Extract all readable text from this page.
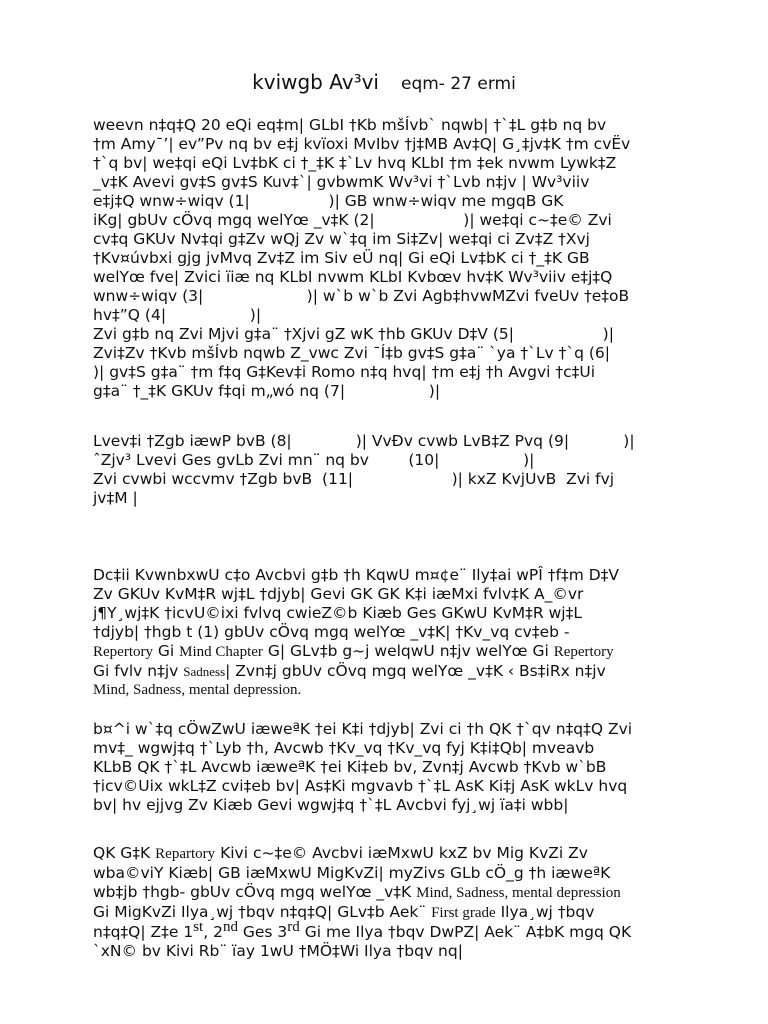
kviwgb Av³vi eqm- 27 ermi

weevn n‡q‡Q 20 eQi eq‡m| GLbI †Kb mšÍvb` nqwb| †`‡L g‡b nq bv

†m Amy¯’| ev”Pv nq bv e‡j kvïoxi MvIbv †j‡MB Av‡Q| G¸‡jv‡K †m cvËv

†`q bv| we‡qi eQi Lv‡bK ci †_‡K ‡`Lv hvq KLbI †m ‡ek nvwm Lywk‡Z

_v‡K Avevi gv‡S gv‡S Kuv‡`| gvbwmK Wv³vi †`Lvb n‡jv | Wv³viiv

e‡j‡Q wnw÷wiqv (1|                )| GB wnw÷wiqv me mgqB GK

iKg| gbUv cÖvq mgq welYœ _v‡K (2|                  )| we‡qi c~‡e© Zvi

cv‡q GKUv Nv‡qi g‡Zv wQj Zv w`‡q im Si‡Zv| we‡qi ci Zv‡Z †Xvj

†Kv¤úvbxi gjg jvMvq Zv‡Z im Siv eÜ nq| Gi eQi Lv‡bK ci †_‡K GB

welYœ fve| Zvici ïiæ nq KLbI nvwm KLbI Kvbœv hv‡K Wv³viiv e‡j‡Q

wnw÷wiqv (3|                     )| w`b w`b Zvi Agb‡hvwMZvi fveUv †e‡oB

hv‡”Q (4|                 )|

Zvi g‡b nq Zvi Mjvi g‡a¨ †Xjvi gZ wK †hb GKUv D‡V (5|                  )|

Zvi‡Zv †Kvb mšÍvb nqwb Z_vwc Zvi ¯Í‡b gv‡S g‡a¨ `ya †`Lv †`q (6|

)| gv‡S g‡a¨ †m f‡q G‡Kev‡i Romo n‡q hvq| †m e‡j †h Avgvi †c‡Ui

g‡a¨ †_‡K GKUv f‡qi m„wó nq (7|                 )|

Lvev‡i †Zgb iæwP bvB (8|             )| VvÐv cvwb LvB‡Z Pvq (9|           )|

ˆZjv³ Lvevi Ges gvLb Zvi mn¨ nq bv        (10|                 )|

Zvi cvwbi wccvmv †Zgb bvB  (11|                    )| kxZ KvjUvB  Zvi fvj

jv‡M |

Dc‡ii KvwnbxwU c‡o Avcbvi g‡b †h KqwU m¤¢e¨ Ily‡ai wPÎ †f‡m D‡V

Zv GKUv KvM‡R wj‡L †djyb| Gevi GK GK K‡i iæMxi fvlv‡K A_©vr

j¶Y¸wj‡K †icvU©ixi fvlvq cwieZ©b Kiæb Ges GKwU KvM‡R wj‡L

†djyb| †hgb t (1) gbUv cÖvq mgq welYœ _v‡K| †Kv_vq cv‡eb -

Repertory Gi Mind Chapter G| GLv‡b g~j welqwU n‡jv welYœ Gi Repertory

Gi fvlv n‡jv Sadness| Zvn‡j gbUv cÖvq mgq welYœ _v‡K ‹ Bs‡iRx n‡jv

Mind, Sadness, mental depression.

b¤^i w`‡q cÖwZwU iæweªK †ei K‡i †djyb| Zvi ci †h QK †`qv n‡q‡Q Zvi

mv‡_ wgwj‡q †`Lyb †h, Avcwb †Kv_vq †Kv_vq fyj K‡i‡Qb| mveavb

KLbB QK †`‡L Avcwb iæweªK †ei Ki‡eb bv, Zvn‡j Avcwb †Kvb w`bB

†icv©Uix wkL‡Z cvi‡eb bv| As‡Ki mgvavb †`‡L AsK Ki‡j AsK wkLv hvq

bv| hv ejjvg Zv Kiæb Gevi wgwj‡q †`‡L Avcbvi fyj¸wj ïa‡i wbb|

QK G‡K Repartory Kivi c~‡e© Avcbvi iæMxwU kxZ bv Mig KvZi Zv

wba©viY Kiæb| GB iæMxwU MigKvZi| myZivs GLb cÖ_g †h iæweªK

wb‡jb †hgb- gbUv cÖvq mgq welYœ _v‡K Mind, Sadness, mental depression

Gi MigKvZi Ilya¸wj †bqv n‡q‡Q| GLv‡b Aek¨ First grade Ilya¸wj †bqv

n‡q‡Q| Z‡e 1st, 2nd Ges 3rd Gi me Ilya †bqv DwPZ| Aek¨ A‡bK mgq QK

`xN© bv Kivi Rb¨ ïay 1wU †MÖ‡Wi Ilya †bqv nq|
